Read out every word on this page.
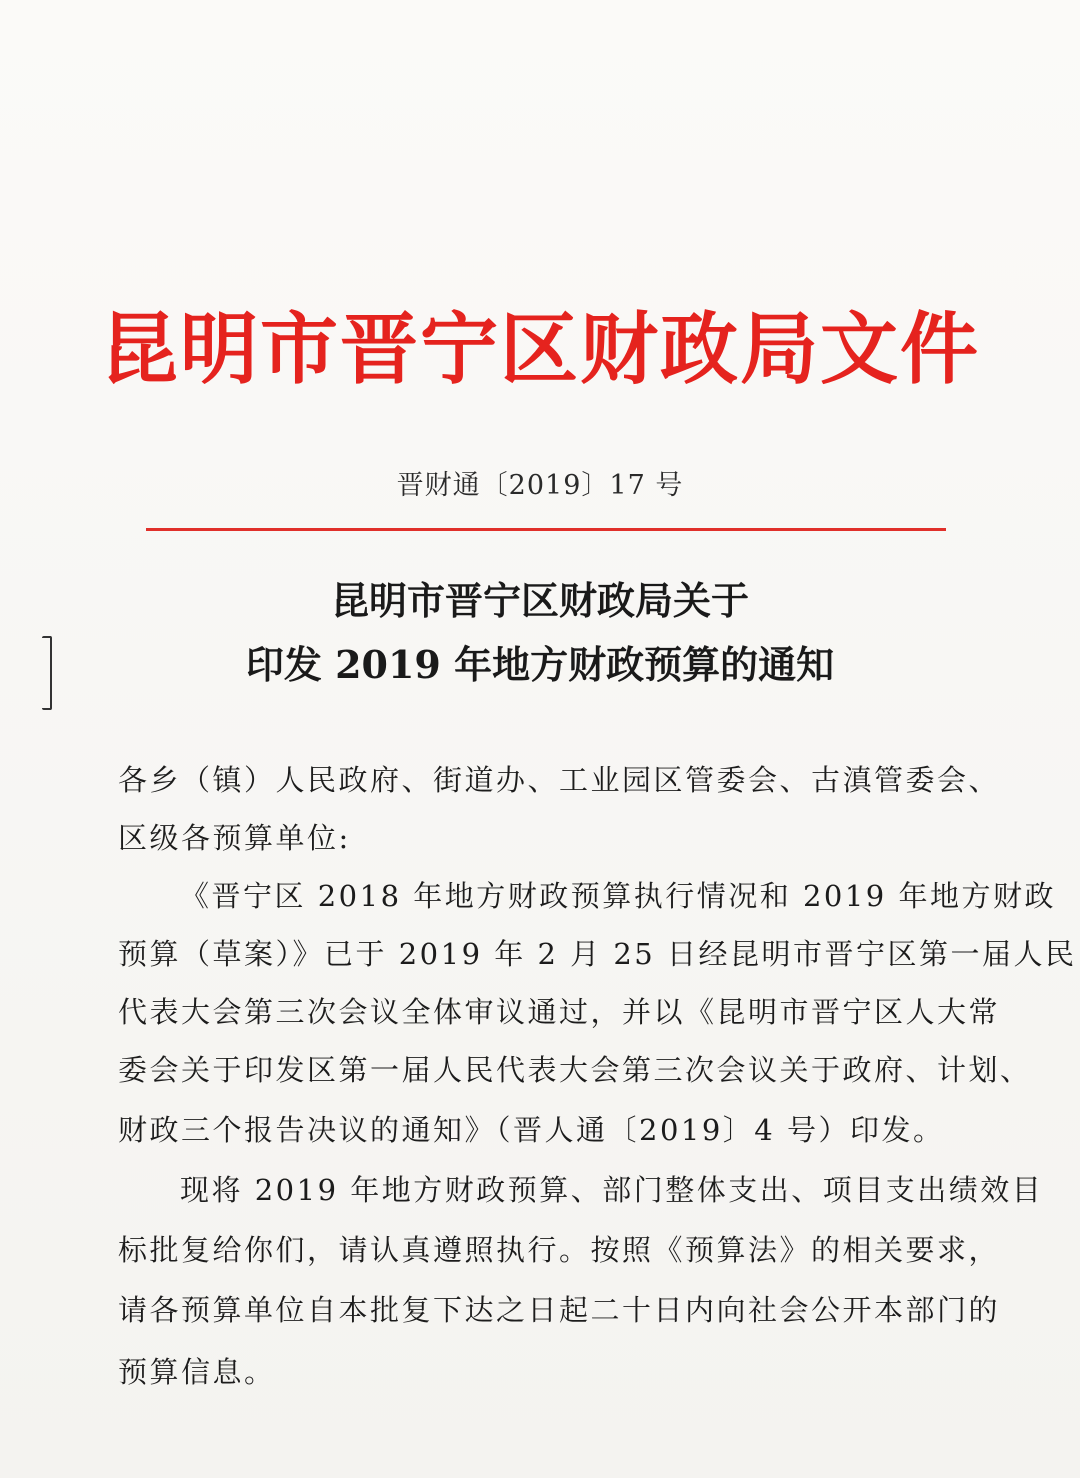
昆明市晋宁区财政局文件
晋财通〔2019〕17 号
昆明市晋宁区财政局关于
印发 2019 年地方财政预算的通知
各乡（镇）人民政府、街道办、工业园区管委会、古滇管委会、
区级各预算单位:
《晋宁区 2018 年地方财政预算执行情况和 2019 年地方财政
预算（草案）》已于 2019 年 2 月 25 日经昆明市晋宁区第一届人民
代表大会第三次会议全体审议通过，并以《昆明市晋宁区人大常
委会关于印发区第一届人民代表大会第三次会议关于政府、计划、
财政三个报告决议的通知》（晋人通〔2019〕4 号）印发。
现将 2019 年地方财政预算、部门整体支出、项目支出绩效目
标批复给你们，请认真遵照执行。按照《预算法》的相关要求，
请各预算单位自本批复下达之日起二十日内向社会公开本部门的
预算信息。
